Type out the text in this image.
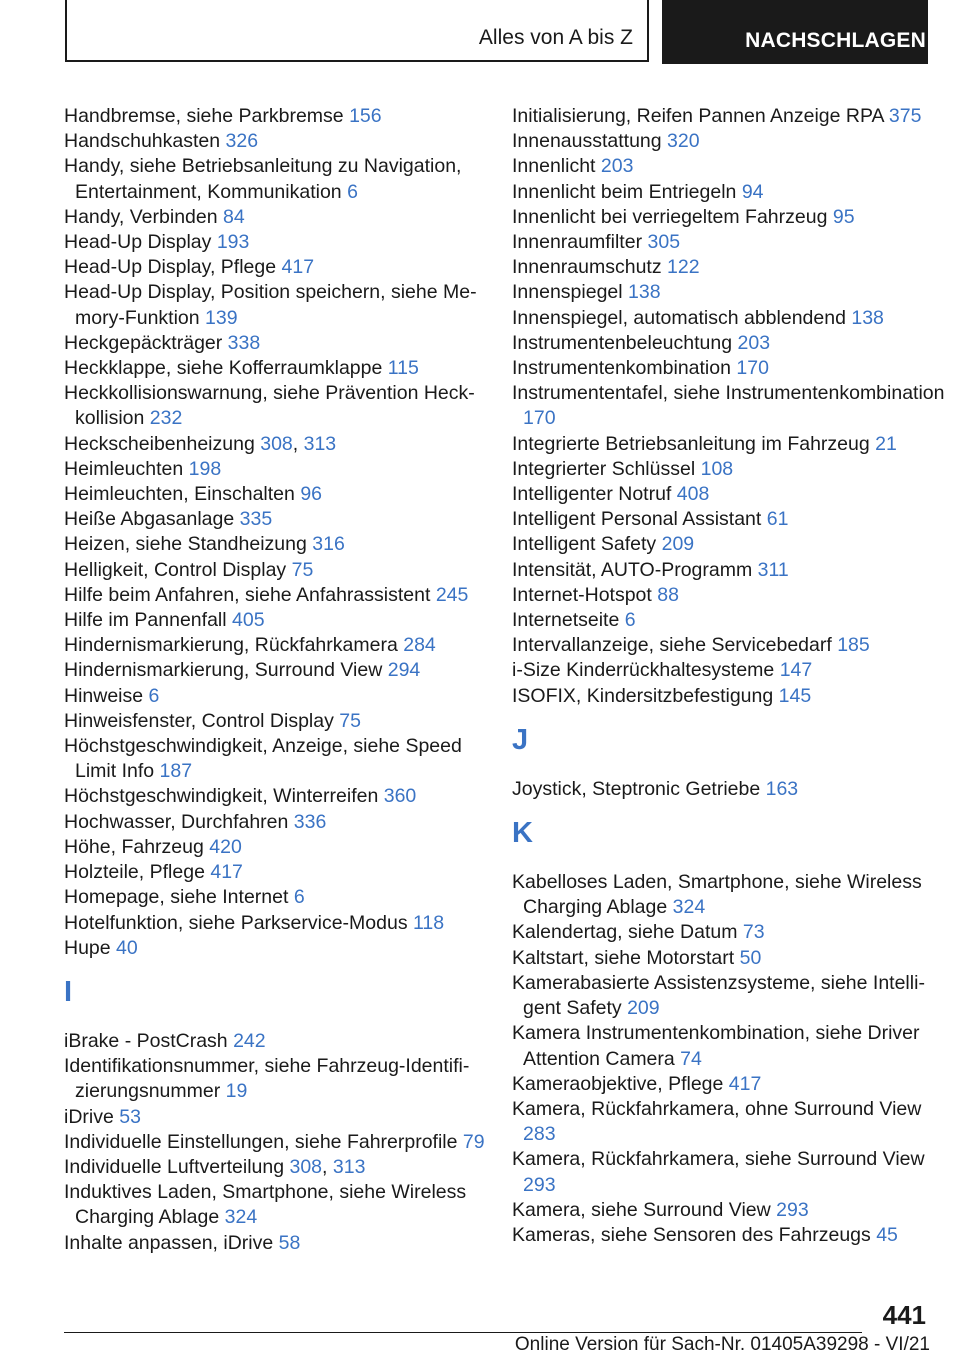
Alles von A bis Z	NACHSCHLAGEN
Handbremse, siehe Parkbremse 156
Handschuhkasten 326
Handy, siehe Betriebsanleitung zu Navigation, Entertainment, Kommunikation 6
Handy, Verbinden 84
Head-Up Display 193
Head-Up Display, Pflege 417
Head-Up Display, Position speichern, siehe Memory-Funktion 139
Heckgepäckträger 338
Heckklappe, siehe Kofferraumklappe 115
Heckkollisionswarnung, siehe Prävention Heckkollision 232
Heckscheibenheizung 308, 313
Heimleuchten 198
Heimleuchten, Einschalten 96
Heiße Abgasanlage 335
Heizen, siehe Standheizung 316
Helligkeit, Control Display 75
Hilfe beim Anfahren, siehe Anfahrassistent 245
Hilfe im Pannenfall 405
Hindernismarkierung, Rückfahrkamera 284
Hindernismarkierung, Surround View 294
Hinweise 6
Hinweisfenster, Control Display 75
Höchstgeschwindigkeit, Anzeige, siehe Speed Limit Info 187
Höchstgeschwindigkeit, Winterreifen 360
Hochwasser, Durchfahren 336
Höhe, Fahrzeug 420
Holzteile, Pflege 417
Homepage, siehe Internet 6
Hotelfunktion, siehe Parkservice-Modus 118
Hupe 40
I
iBrake - PostCrash 242
Identifikationsnummer, siehe Fahrzeug-Identifizierungsnummer 19
iDrive 53
Individuelle Einstellungen, siehe Fahrerprofile 79
Individuelle Luftverteilung 308, 313
Induktives Laden, Smartphone, siehe Wireless Charging Ablage 324
Inhalte anpassen, iDrive 58
Initialisierung, Reifen Pannen Anzeige RPA 375
Innenausstattung 320
Innenlicht 203
Innenlicht beim Entriegeln 94
Innenlicht bei verriegeltem Fahrzeug 95
Innenraumfilter 305
Innenraumschutz 122
Innenspiegel 138
Innenspiegel, automatisch abblendend 138
Instrumentenbeleuchtung 203
Instrumentenkombination 170
Instrumententafel, siehe Instrumentenkombination 170
Integrierte Betriebsanleitung im Fahrzeug 21
Integrierter Schlüssel 108
Intelligenter Notruf 408
Intelligent Personal Assistant 61
Intelligent Safety 209
Intensität, AUTO-Programm 311
Internet-Hotspot 88
Internetseite 6
Intervallanzeige, siehe Servicebedarf 185
i-Size Kinderrückhaltesysteme 147
ISOFIX, Kindersitzbefestigung 145
J
Joystick, Steptronic Getriebe 163
K
Kabelloses Laden, Smartphone, siehe Wireless Charging Ablage 324
Kalendertag, siehe Datum 73
Kaltstart, siehe Motorstart 50
Kamerabasierte Assistenzsysteme, siehe Intelligent Safety 209
Kamera Instrumentenkombination, siehe Driver Attention Camera 74
Kameraobjektive, Pflege 417
Kamera, Rückfahrkamera, ohne Surround View 283
Kamera, Rückfahrkamera, siehe Surround View 293
Kamera, siehe Surround View 293
Kameras, siehe Sensoren des Fahrzeugs 45
441
Online Version für Sach-Nr. 01405A39298 - VI/21
